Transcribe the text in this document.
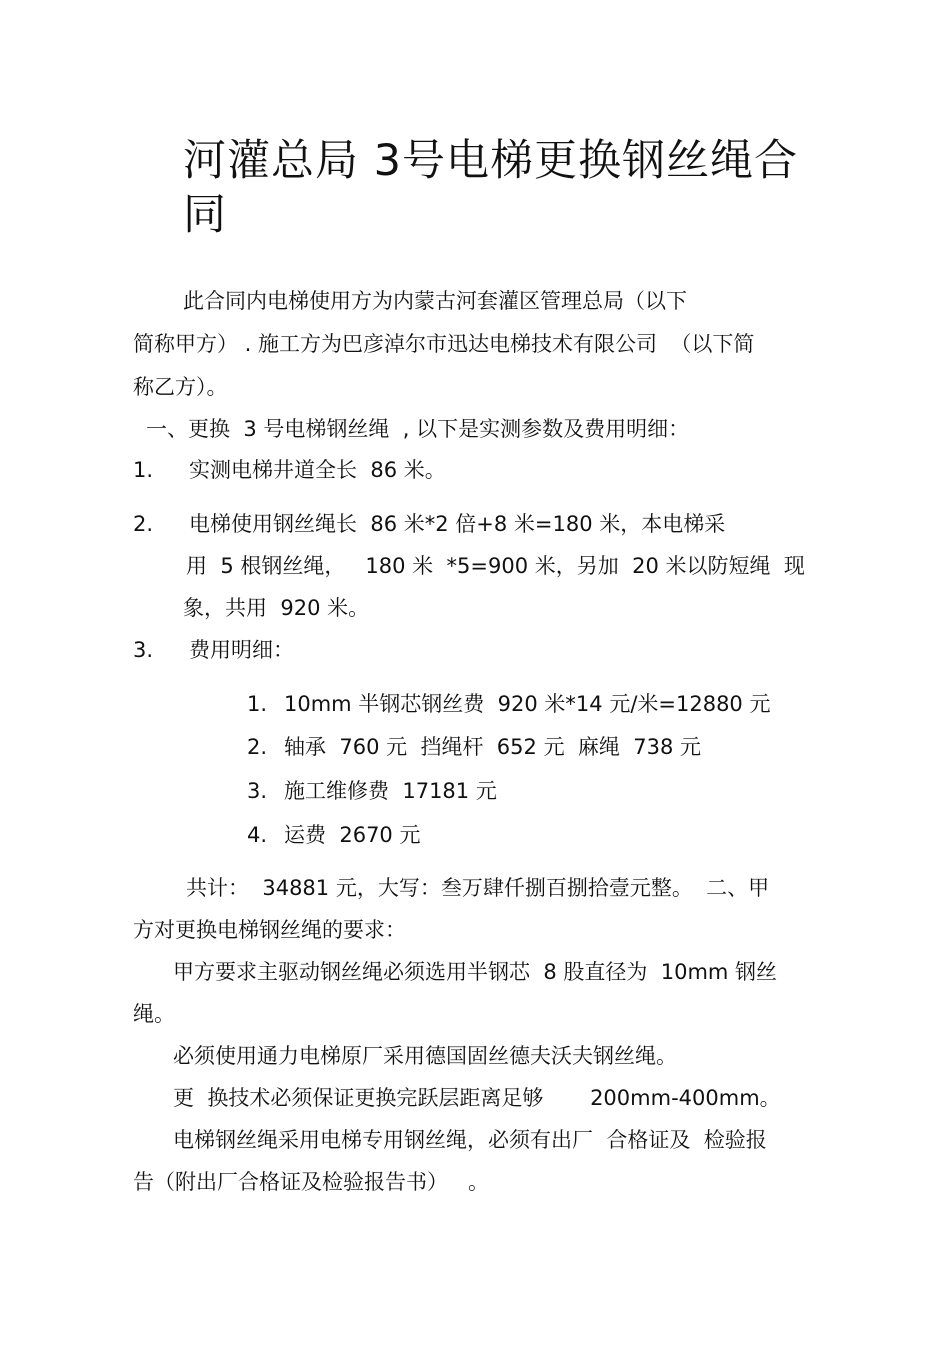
河灌总局 3号电梯更换钢丝绳合
同
此合同内电梯使用方为内蒙古河套灌区管理总局（以下
简称甲方） . 施工方为巴彦淖尔市迅达电梯技术有限公司  （以下简
称乙方）。
一、更换  3 号电梯钢丝绳  , 以下是实测参数及费用明细：
1. 实测电梯井道全长  86 米。
2. 电梯使用钢丝绳长  86 米*2 倍+8 米=180 米，本电梯采
用  5 根钢丝绳，   180 米  *5=900 米，另加  20 米以防短绳  现
象，共用  920 米。
3. 费用明细：
1. 10mm 半钢芯钢丝费  920 米*14 元/米=12880 元
2. 轴承  760 元  挡绳杆  652 元  麻绳  738 元
3. 施工维修费  17181 元
4. 运费  2670 元
共计：  34881 元，大写：叁万肆仟捌百捌拾壹元整。  二、甲
方对更换电梯钢丝绳的要求：
甲方要求主驱动钢丝绳必须选用半钢芯  8 股直径为  10mm 钢丝
绳。
必须使用通力电梯原厂采用德国固丝德夫沃夫钢丝绳。
更  换技术必须保证更换完跃层距离足够       200mm-400mm。
电梯钢丝绳采用电梯专用钢丝绳，必须有出厂  合格证及  检验报
告（附出厂合格证及检验报告书）   。
